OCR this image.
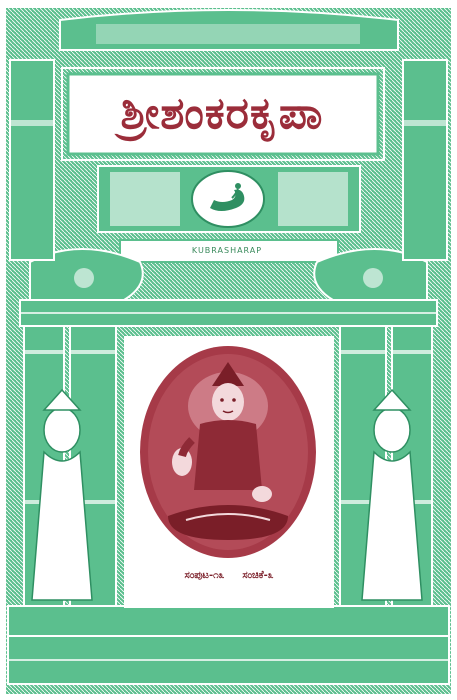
ಶ್ರೀಶಂಕರಕೃಪಾ
KUBRASHARAP
ಸಂಪುಟ-೧೩ ಸಂಚಿಕೆ-೩
